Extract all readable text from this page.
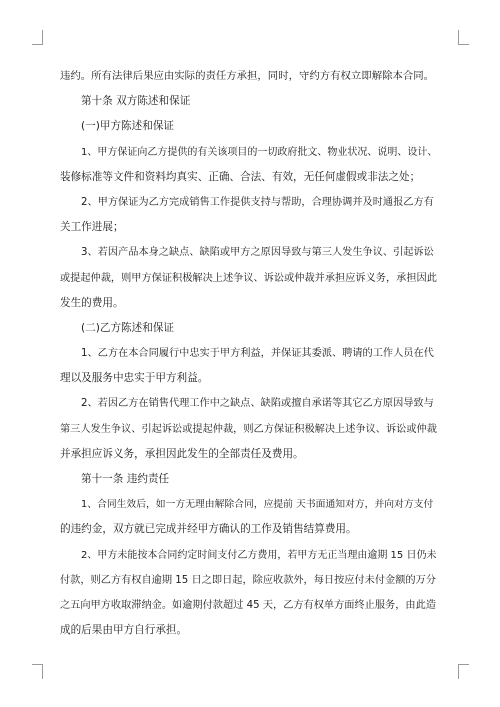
违约。所有法律后果应由实际的责任方承担，同时，守约方有权立即解除本合同。
第十条 双方陈述和保证
(一)甲方陈述和保证
1、甲方保证向乙方提供的有关该项目的一切政府批文、物业状况、说明、设计、
装修标准等文件和资料均真实、正确、合法、有效，无任何虚假或非法之处；
2、甲方保证为乙方完成销售工作提供支持与帮助，合理协调并及时通报乙方有
关工作进展；
3、若因产品本身之缺点、缺陷或甲方之原因导致与第三人发生争议、引起诉讼
或提起仲裁，则甲方保证积极解决上述争议、诉讼或仲裁并承担应诉义务，承担因此
发生的费用。
(二)乙方陈述和保证
1、乙方在本合同履行中忠实于甲方利益，并保证其委派、聘请的工作人员在代
理以及服务中忠实于甲方利益。
2、若因乙方在销售代理工作中之缺点、缺陷或擅自承诺等其它乙方原因导致与
第三人发生争议、引起诉讼或提起仲裁，则乙方保证积极解决上述争议、诉讼或仲裁
并承担应诉义务，承担因此发生的全部责任及费用。
第十一条 违约责任
1、合同生效后，如一方无理由解除合同，应提前 天书面通知对方，并向对方支付
的违约金，双方就已完成并经甲方确认的工作及销售结算费用。
2、甲方未能按本合同约定时间支付乙方费用，若甲方无正当理由逾期 15 日仍未
付款，则乙方有权自逾期 15 日之即日起，除应收款外，每日按应付未付金额的万分
之五向甲方收取滞纳金。如逾期付款超过 45 天，乙方有权单方面终止服务，由此造
成的后果由甲方自行承担。
